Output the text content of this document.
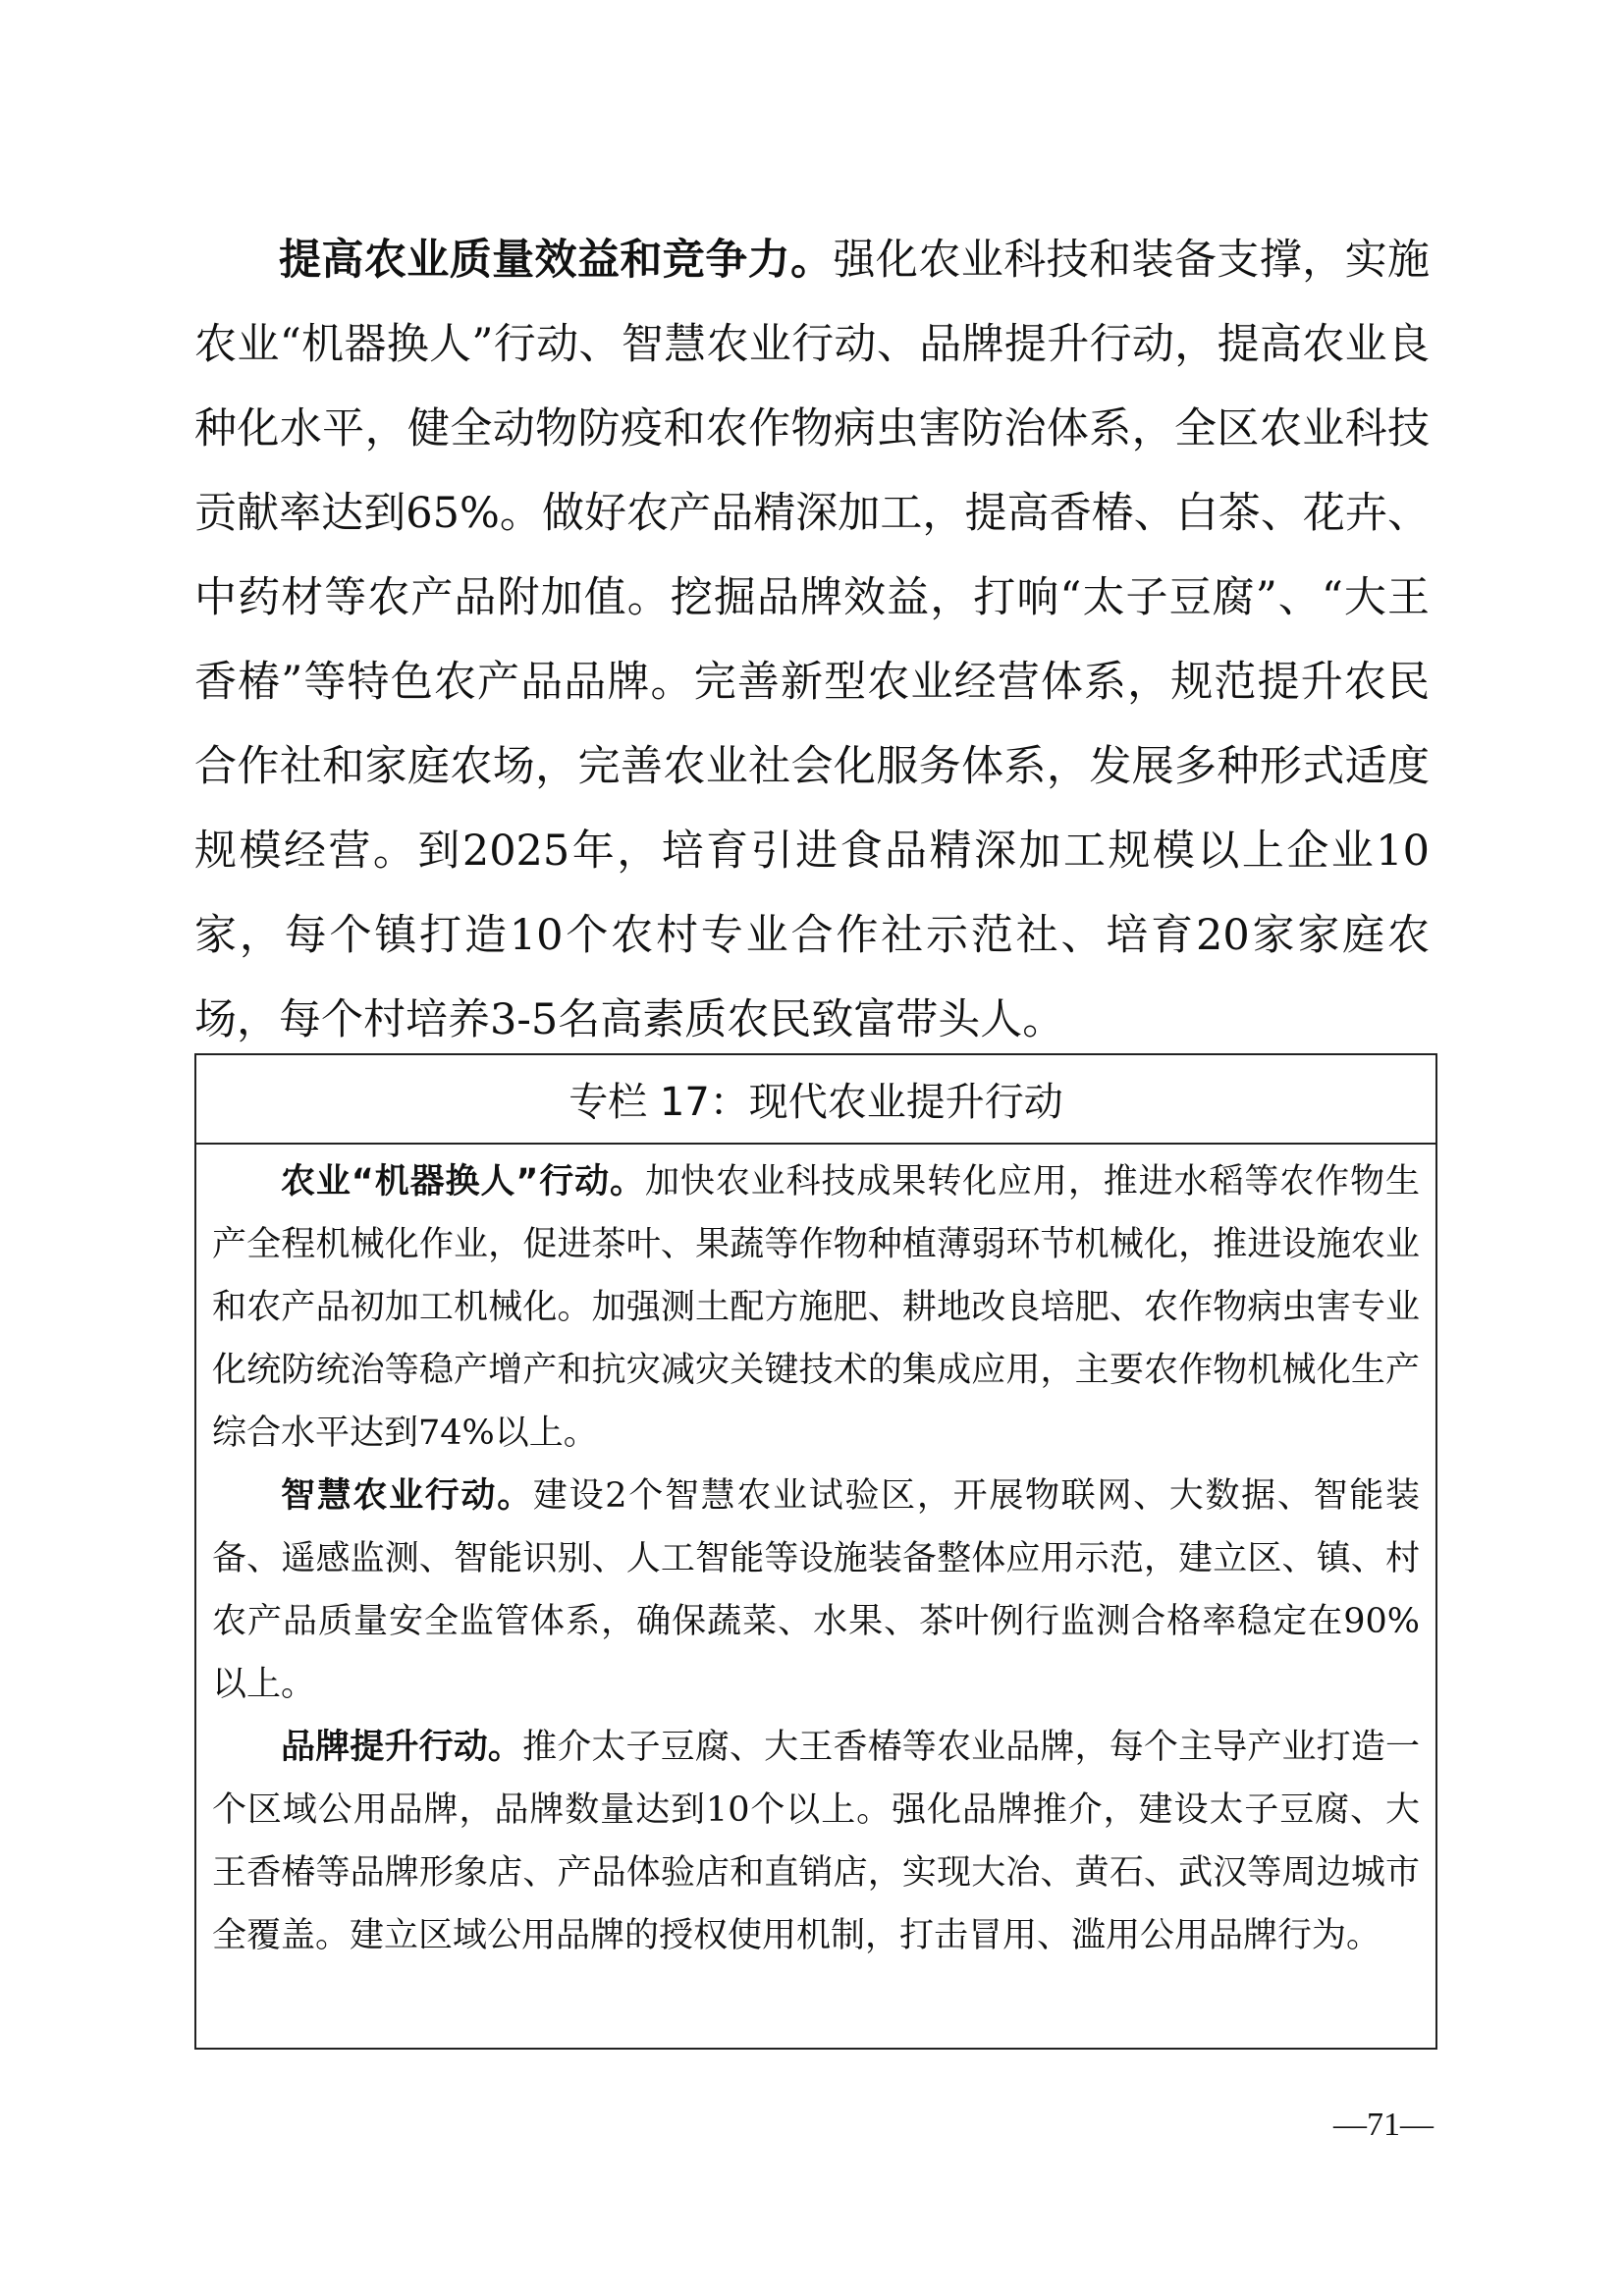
提高农业质量效益和竞争力。强化农业科技和装备支撑，实施农业“机器换人”行动、智慧农业行动、品牌提升行动，提高农业良种化水平，健全动物防疫和农作物病虫害防治体系，全区农业科技贡献率达到65%。做好农产品精深加工，提高香椿、白茶、花卉、中药材等农产品附加值。挖掘品牌效益，打响“太子豆腐”、“大王香椿”等特色农产品品牌。完善新型农业经营体系，规范提升农民合作社和家庭农场，完善农业社会化服务体系，发展多种形式适度规模经营。到2025年，培育引进食品精深加工规模以上企业10家，每个镇打造10个农村专业合作社示范社、培育20家家庭农场，每个村培养3-5名高素质农民致富带头人。

专栏 17：现代农业提升行动

农业“机器换人”行动。加快农业科技成果转化应用，推进水稻等农作物生产全程机械化作业，促进茶叶、果蔬等作物种植薄弱环节机械化，推进设施农业和农产品初加工机械化。加强测土配方施肥、耕地改良培肥、农作物病虫害专业化统防统治等稳产增产和抗灾减灾关键技术的集成应用，主要农作物机械化生产综合水平达到74%以上。

智慧农业行动。建设2个智慧农业试验区，开展物联网、大数据、智能装备、遥感监测、智能识别、人工智能等设施装备整体应用示范，建立区、镇、村农产品质量安全监管体系，确保蔬菜、水果、茶叶例行监测合格率稳定在90%以上。

品牌提升行动。推介太子豆腐、大王香椿等农业品牌，每个主导产业打造一个区域公用品牌，品牌数量达到10个以上。强化品牌推介，建设太子豆腐、大王香椿等品牌形象店、产品体验店和直销店，实现大冶、黄石、武汉等周边城市全覆盖。建立区域公用品牌的授权使用机制，打击冒用、滥用公用品牌行为。

—71—
